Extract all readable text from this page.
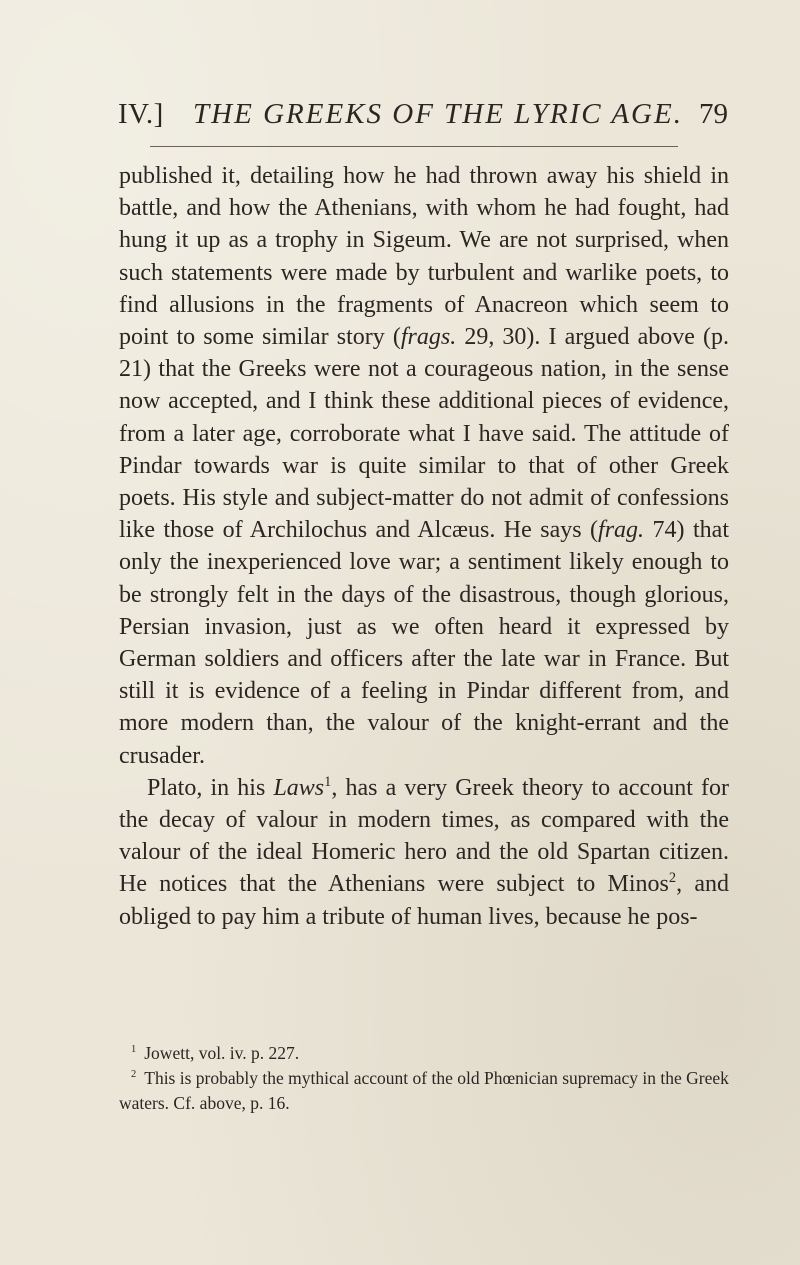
IV.]	THE GREEKS OF THE LYRIC AGE. 79

published it, detailing how he had thrown away his shield in battle, and how the Athenians, with whom he had fought, had hung it up as a trophy in Sigeum. We are not surprised, when such statements were made by turbulent and warlike poets, to find allusions in the fragments of Anacreon which seem to point to some similar story (frags. 29, 30). I argued above (p. 21) that the Greeks were not a courageous nation, in the sense now accepted, and I think these additional pieces of evidence, from a later age, corroborate what I have said. The attitude of Pindar towards war is quite similar to that of other Greek poets. His style and subject-matter do not admit of confessions like those of Archilochus and Alcæus. He says (frag. 74) that only the inexperienced love war; a sentiment likely enough to be strongly felt in the days of the disastrous, though glorious, Persian invasion, just as we often heard it expressed by German soldiers and officers after the late war in France. But still it is evidence of a feeling in Pindar different from, and more modern than, the valour of the knight-errant and the crusader.

Plato, in his Laws$^1$, has a very Greek theory to account for the decay of valour in modern times, as compared with the valour of the ideal Homeric hero and the old Spartan citizen. He notices that the Athenians were subject to Minos$^2$, and obliged to pay him a tribute of human lives, because he pos-

$^1$ Jowett, vol. iv. p. 227.

$^2$ This is probably the mythical account of the old Phœnician supremacy in the Greek waters. Cf. above, p. 16.
